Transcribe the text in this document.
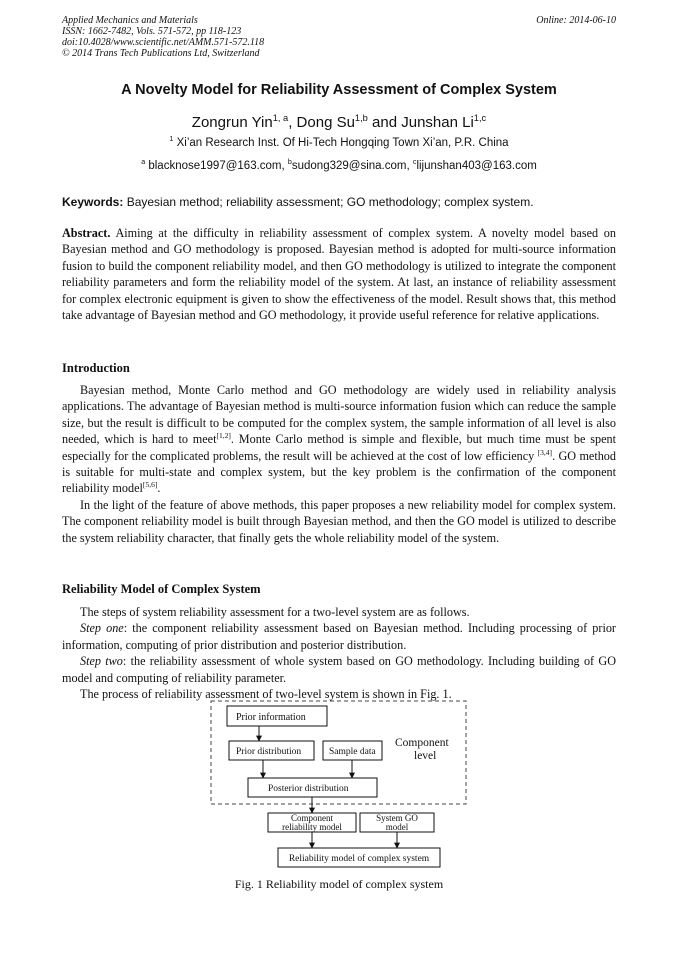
Applied Mechanics and Materials
ISSN: 1662-7482, Vols. 571-572, pp 118-123
doi:10.4028/www.scientific.net/AMM.571-572.118
© 2014 Trans Tech Publications Ltd, Switzerland
Online: 2014-06-10
A Novelty Model for Reliability Assessment of Complex System
Zongrun Yin$^{1, a}$, Dong Su$^{1,b}$ and Junshan Li$^{1,c}$
$^1$ Xi’an Research Inst. Of Hi-Tech Hongqing Town Xi’an, P.R. China
$^a$ blacknose1997@163.com, $^b$sudong329@sina.com, $^c$lijunshan403@163.com
Keywords: Bayesian method; reliability assessment; GO methodology; complex system.
Abstract. Aiming at the difficulty in reliability assessment of complex system. A novelty model based on Bayesian method and GO methodology is proposed. Bayesian method is adopted for multi-source information fusion to build the component reliability model, and then GO methodology is utilized to integrate the component reliability parameters and form the reliability model of the system. At last, an instance of reliability assessment for complex electronic equipment is given to show the effectiveness of the model. Result shows that, this method take advantage of Bayesian method and GO methodology, it provide useful reference for relative applications.
Introduction
Bayesian method, Monte Carlo method and GO methodology are widely used in reliability analysis applications. The advantage of Bayesian method is multi-source information fusion which can reduce the sample size, but the result is difficult to be computed for the complex system, the sample information of all level is also needed, which is hard to meet[1,2]. Monte Carlo method is simple and flexible, but much time must be spent especially for the complicated problems, the result will be achieved at the cost of low efficiency [3,4]. GO method is suitable for multi-state and complex system, but the key problem is the confirmation of the component reliability model[5,6].
In the light of the feature of above methods, this paper proposes a new reliability model for complex system. The component reliability model is built through Bayesian method, and then the GO model is utilized to describe the system reliability character, that finally gets the whole reliability model of the system.
Reliability Model of Complex System

The steps of system reliability assessment for a two-level system are as follows.

Step one: the component reliability assessment based on Bayesian method. Including processing of prior information, computing of prior distribution and posterior distribution.

Step two: the reliability assessment of whole system based on GO methodology. Including building of GO model and computing of reliability parameter.

The process of reliability assessment of two-level system is shown in Fig. 1.

Prior information
Prior distribution	Sample data
Component
level
Posterior distribution
Component
reliability model
System GO
model
Reliability model of complex system
Fig. 1 Reliability model of complex system
